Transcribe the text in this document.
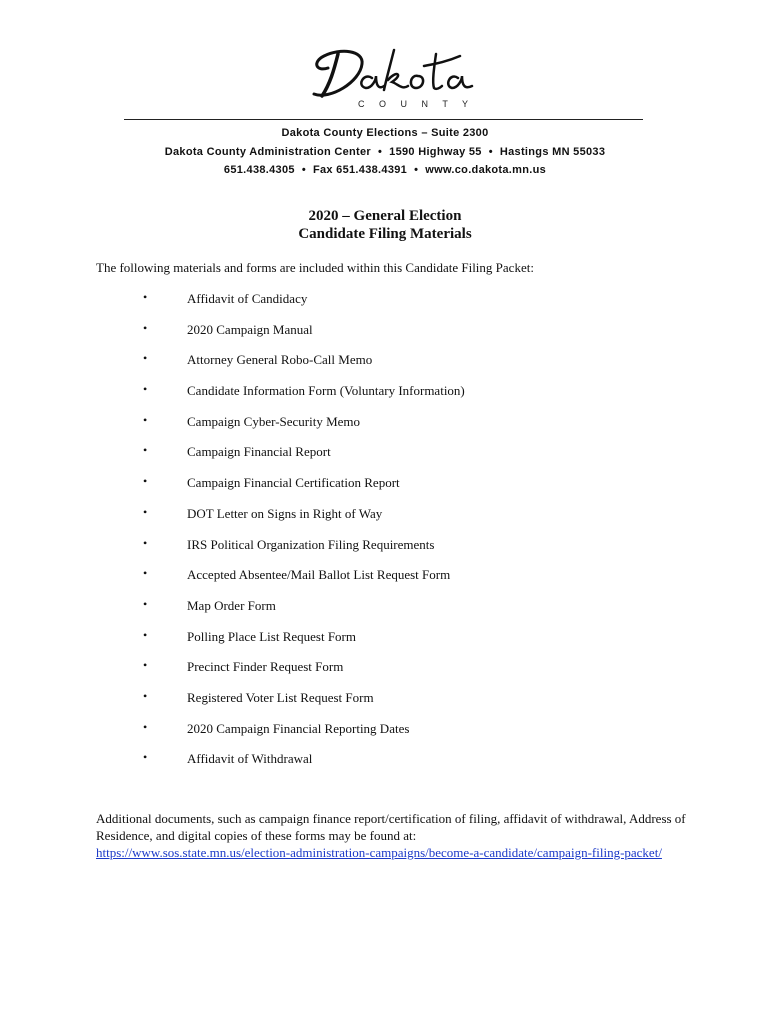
C O U N T Y
Dakota County Elections – Suite 2300
Dakota County Administration Center • 1590 Highway 55 • Hastings MN 55033
651.438.4305 • Fax 651.438.4391 • www.co.dakota.mn.us
2020 – General Election
Candidate Filing Materials
The following materials and forms are included within this Candidate Filing Packet:
•	Affidavit of Candidacy
•	2020 Campaign Manual
•	Attorney General Robo-Call Memo
•	Candidate Information Form (Voluntary Information)
•	Campaign Cyber-Security Memo
•	Campaign Financial Report
•	Campaign Financial Certification Report
•	DOT Letter on Signs in Right of Way
•	IRS Political Organization Filing Requirements
•	Accepted Absentee/Mail Ballot List Request Form
•	Map Order Form
•	Polling Place List Request Form
•	Precinct Finder Request Form
•	Registered Voter List Request Form
•	2020 Campaign Financial Reporting Dates
•	Affidavit of Withdrawal
Additional documents, such as campaign finance report/certification of filing, affidavit of withdrawal, Address of Residence, and digital copies of these forms may be found at:
https://www.sos.state.mn.us/election-administration-campaigns/become-a-candidate/campaign-filing-packet/
